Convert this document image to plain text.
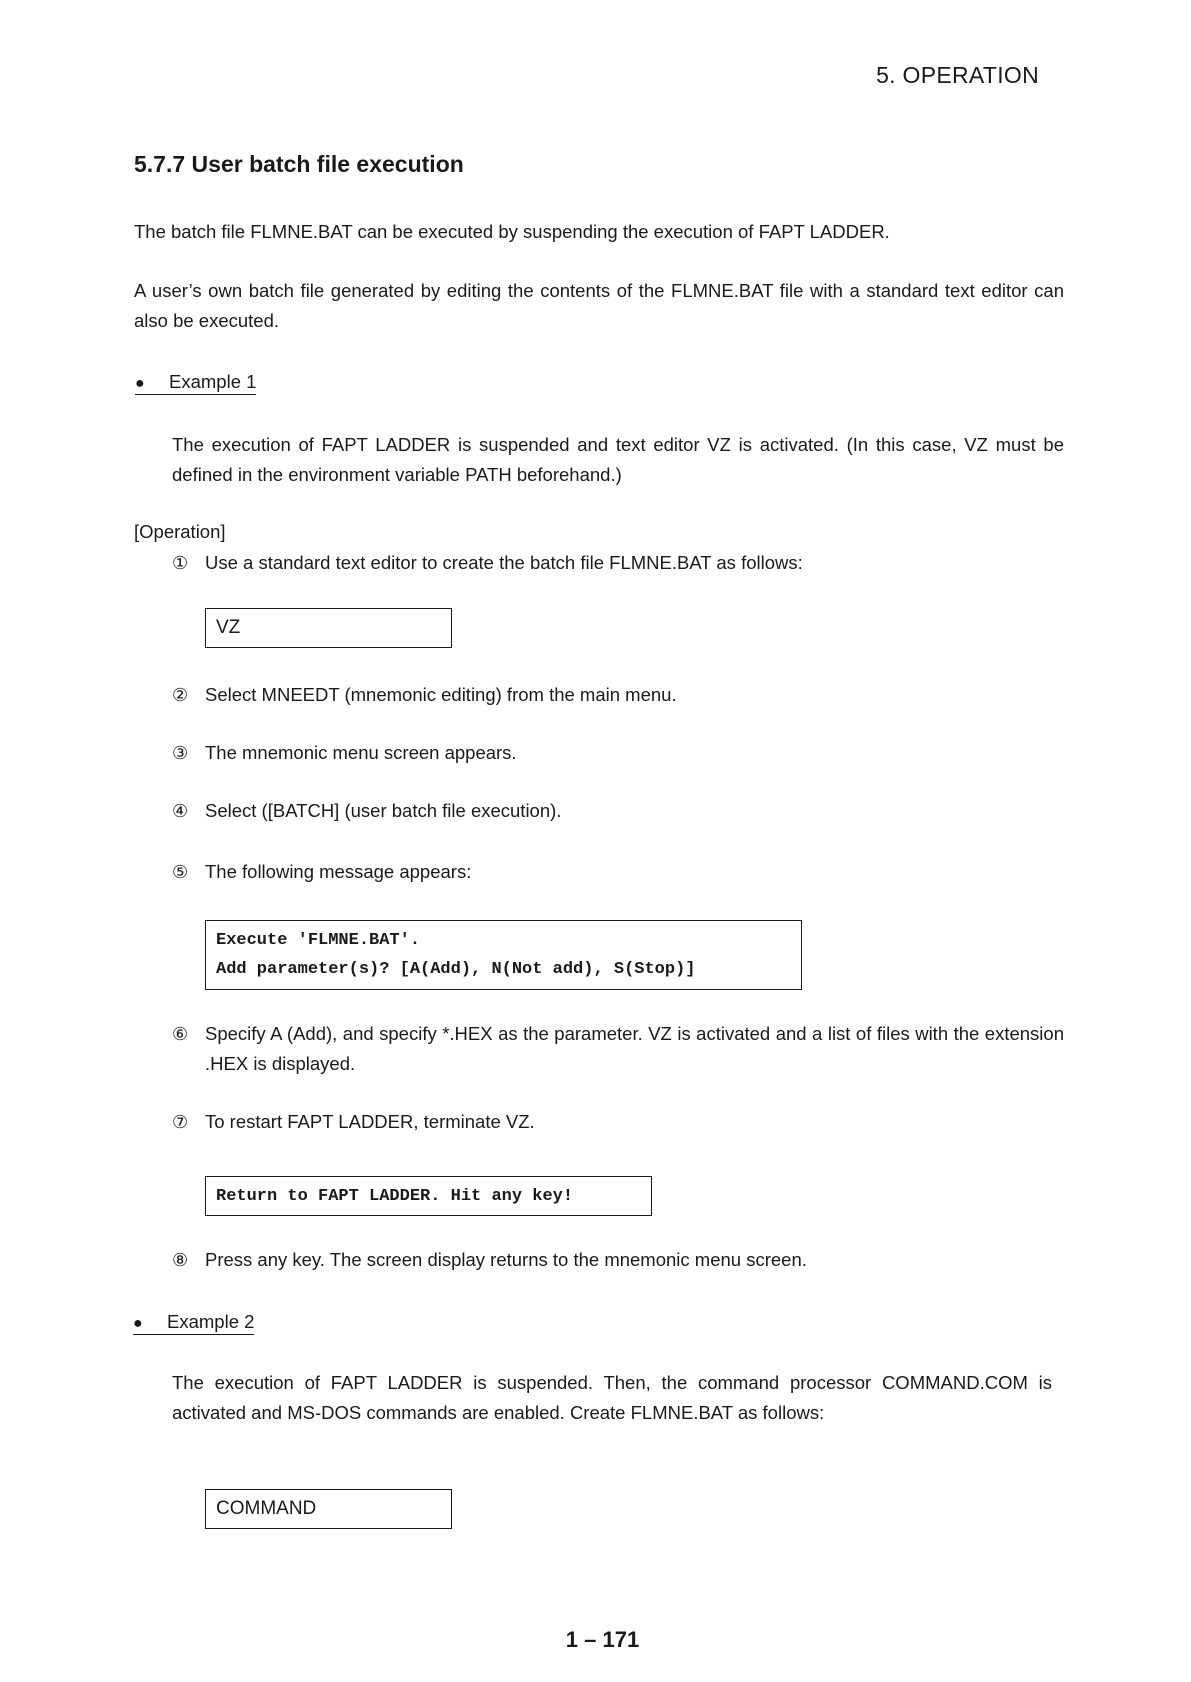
5. OPERATION
5.7.7 User batch file execution
The batch file FLMNE.BAT can be executed by suspending the execution of FAPT LADDER.
A user’s own batch file generated by editing the contents of the FLMNE.BAT file with a standard text editor can also be executed.
●	Example 1
The execution of FAPT LADDER is suspended and text editor VZ is activated. (In this case, VZ must be defined in the environment variable PATH beforehand.)
[Operation]
① Use a standard text editor to create the batch file FLMNE.BAT as follows:
VZ
② Select MNEEDT (mnemonic editing) from the main menu.
③ The mnemonic menu screen appears.
④ Select ([BATCH] (user batch file execution).
⑤ The following message appears:
Execute 'FLMNE.BAT'.
Add parameter(s)? [A(Add), N(Not add), S(Stop)]
⑥ Specify A (Add), and specify *.HEX as the parameter. VZ is activated and a list of files with the extension .HEX is displayed.
⑦ To restart FAPT LADDER, terminate VZ.
Return to FAPT LADDER. Hit any key!
⑧ Press any key. The screen display returns to the mnemonic menu screen.
●	Example 2
The execution of FAPT LADDER is suspended. Then, the command processor COMMAND.COM is activated and MS-DOS commands are enabled. Create FLMNE.BAT as follows:
COMMAND
1 – 171
